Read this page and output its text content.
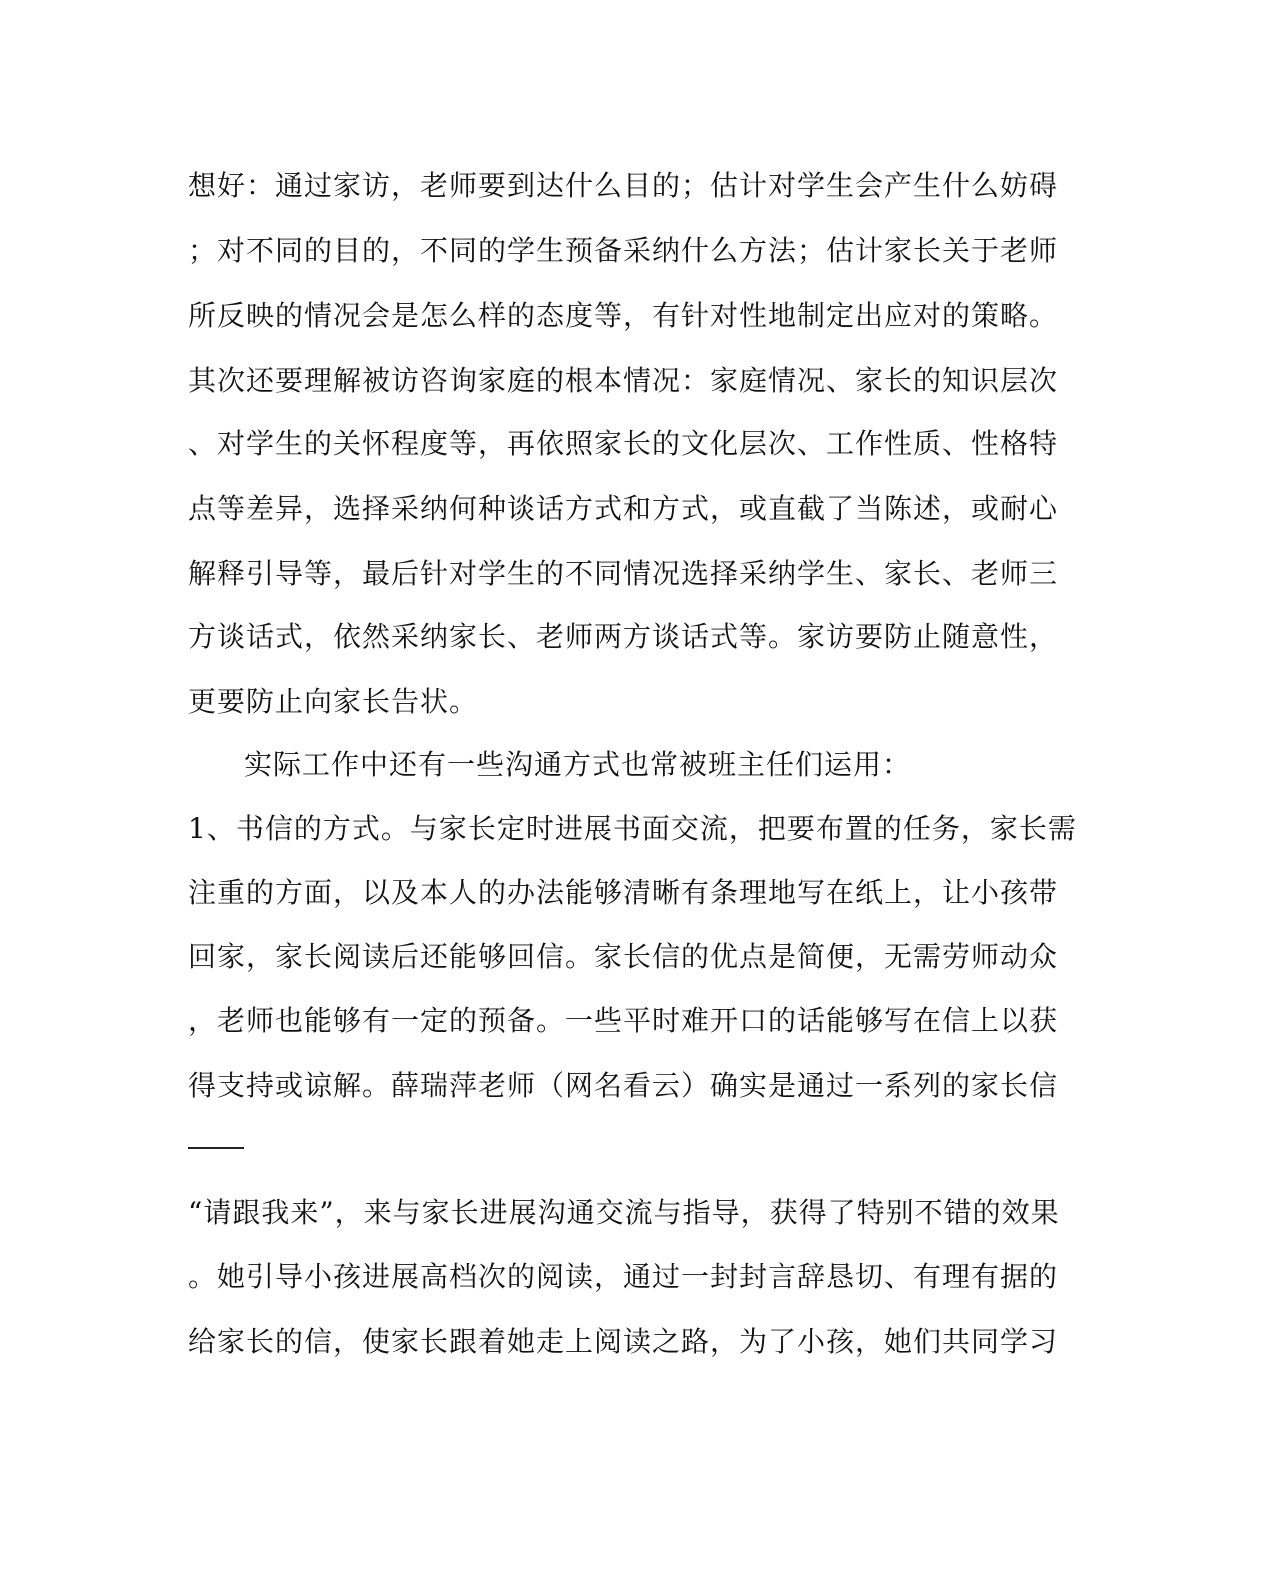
想好：通过家访，老师要到达什么目的；估计对学生会产生什么妨碍
；对不同的目的，不同的学生预备采纳什么方法；估计家长关于老师
所反映的情况会是怎么样的态度等，有针对性地制定出应对的策略。
其次还要理解被访咨询家庭的根本情况：家庭情况、家长的知识层次
、对学生的关怀程度等，再依照家长的文化层次、工作性质、性格特
点等差异，选择采纳何种谈话方式和方式，或直截了当陈述，或耐心
解释引导等，最后针对学生的不同情况选择采纳学生、家长、老师三
方谈话式，依然采纳家长、老师两方谈话式等。家访要防止随意性，
更要防止向家长告状。
实际工作中还有一些沟通方式也常被班主任们运用：
1、书信的方式。与家长定时进展书面交流，把要布置的任务，家长需
注重的方面，以及本人的办法能够清晰有条理地写在纸上，让小孩带
回家，家长阅读后还能够回信。家长信的优点是简便，无需劳师动众
，老师也能够有一定的预备。一些平时难开口的话能够写在信上以获
得支持或谅解。薛瑞萍老师（网名看云）确实是通过一系列的家长信
“请跟我来”，来与家长进展沟通交流与指导，获得了特别不错的效果
。她引导小孩进展高档次的阅读，通过一封封言辞恳切、有理有据的
给家长的信，使家长跟着她走上阅读之路，为了小孩，她们共同学习
